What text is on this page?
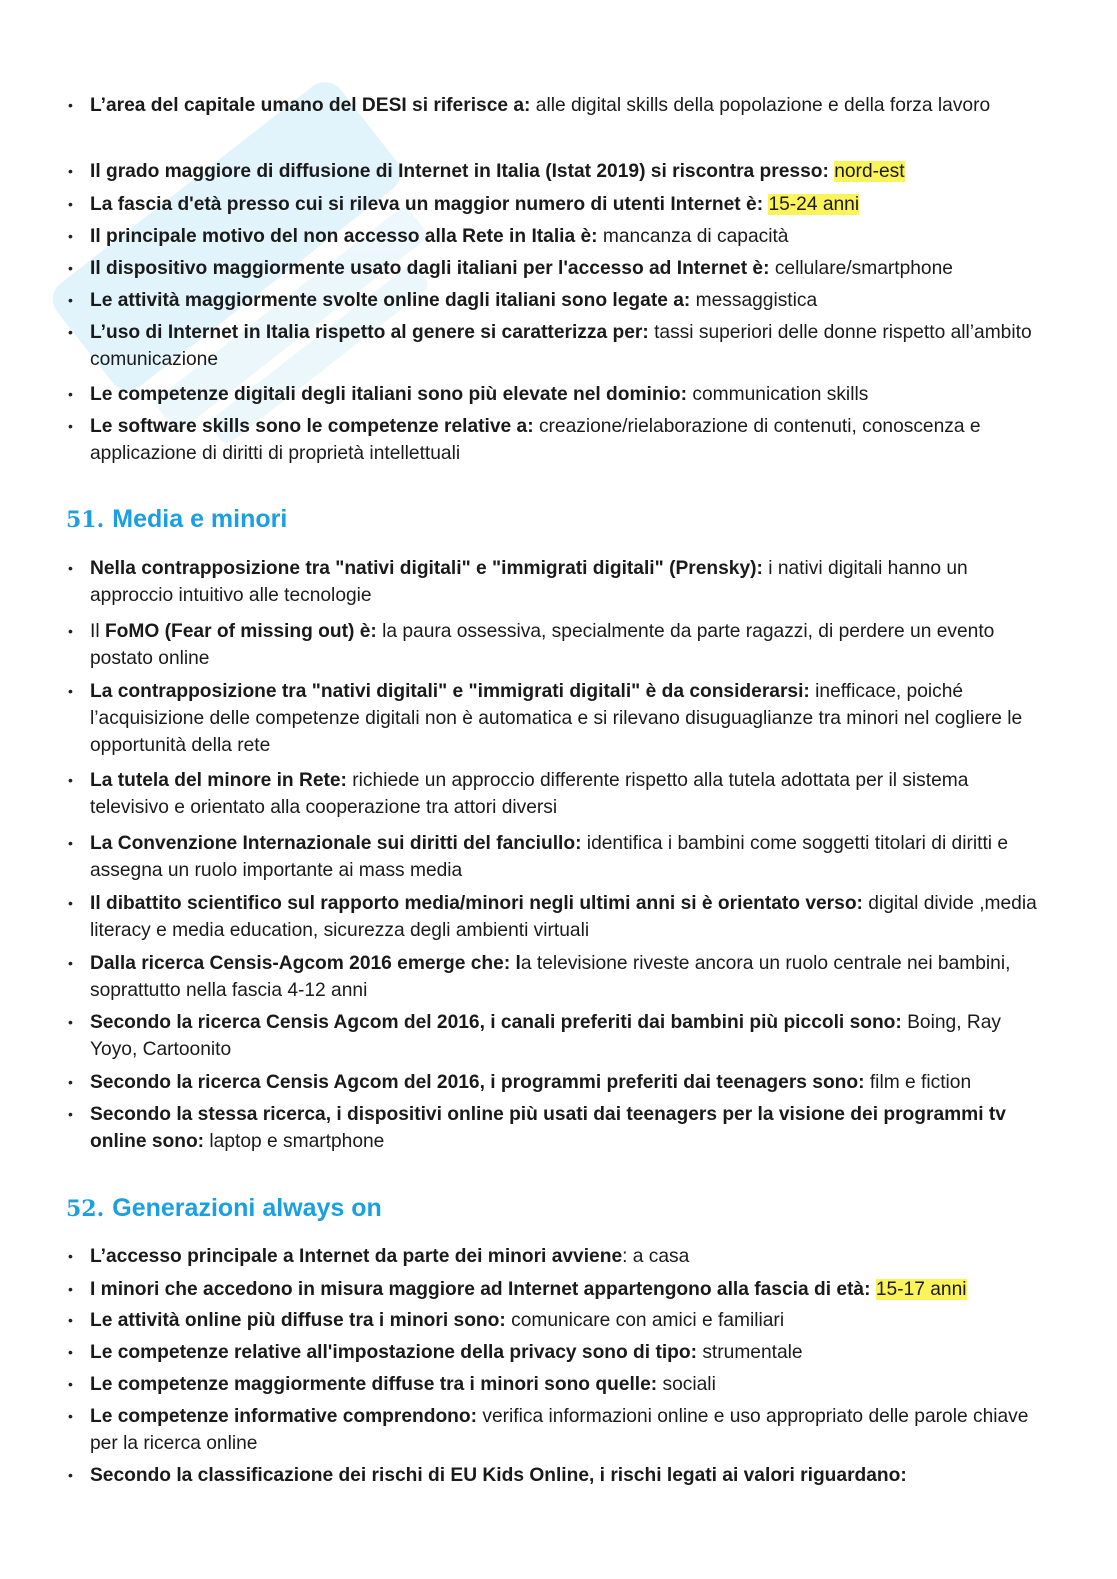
• L’area del capitale umano del DESI si riferisce a: alle digital skills della popolazione e della forza lavoro
• Il grado maggiore di diffusione di Internet in Italia (Istat 2019) si riscontra presso: nord-est
• La fascia d'età presso cui si rileva un maggior numero di utenti Internet è: 15-24 anni
• Il principale motivo del non accesso alla Rete in Italia è: mancanza di capacità
• Il dispositivo maggiormente usato dagli italiani per l'accesso ad Internet è: cellulare/smartphone
• Le attività maggiormente svolte online dagli italiani sono legate a: messaggistica
• L’uso di Internet in Italia rispetto al genere si caratterizza per: tassi superiori delle donne rispetto all’ambito comunicazione
• Le competenze digitali degli italiani sono più elevate nel dominio: communication skills
• Le software skills sono le competenze relative a: creazione/rielaborazione di contenuti, conoscenza e applicazione di diritti di proprietà intellettuali
51. Media e minori
• Nella contrapposizione tra "nativi digitali" e "immigrati digitali" (Prensky): i nativi digitali hanno un approccio intuitivo alle tecnologie
• Il FoMO (Fear of missing out) è: la paura ossessiva, specialmente da parte ragazzi, di perdere un evento postato online
• La contrapposizione tra "nativi digitali" e "immigrati digitali" è da considerarsi: inefficace, poiché l’acquisizione delle competenze digitali non è automatica e si rilevano disuguaglianze tra minori nel cogliere le opportunità della rete
• La tutela del minore in Rete: richiede un approccio differente rispetto alla tutela adottata per il sistema televisivo e orientato alla cooperazione tra attori diversi
• La Convenzione Internazionale sui diritti del fanciullo: identifica i bambini come soggetti titolari di diritti e assegna un ruolo importante ai mass media
• Il dibattito scientifico sul rapporto media/minori negli ultimi anni si è orientato verso: digital divide ,media literacy e media education, sicurezza degli ambienti virtuali
• Dalla ricerca Censis-Agcom 2016 emerge che: la televisione riveste ancora un ruolo centrale nei bambini, soprattutto nella fascia 4-12 anni
• Secondo la ricerca Censis Agcom del 2016, i canali preferiti dai bambini più piccoli sono: Boing, Ray Yoyo, Cartoonito
• Secondo la ricerca Censis Agcom del 2016, i programmi preferiti dai teenagers sono: film e fiction
• Secondo la stessa ricerca, i dispositivi online più usati dai teenagers per la visione dei programmi tv online sono: laptop e smartphone
52. Generazioni always on
• L’accesso principale a Internet da parte dei minori avviene: a casa
• I minori che accedono in misura maggiore ad Internet appartengono alla fascia di età: 15-17 anni
• Le attività online più diffuse tra i minori sono: comunicare con amici e familiari
• Le competenze relative all'impostazione della privacy sono di tipo: strumentale
• Le competenze maggiormente diffuse tra i minori sono quelle: sociali
• Le competenze informative comprendono: verifica informazioni online e uso appropriato delle parole chiave per la ricerca online
• Secondo la classificazione dei rischi di EU Kids Online, i rischi legati ai valori riguardano:
